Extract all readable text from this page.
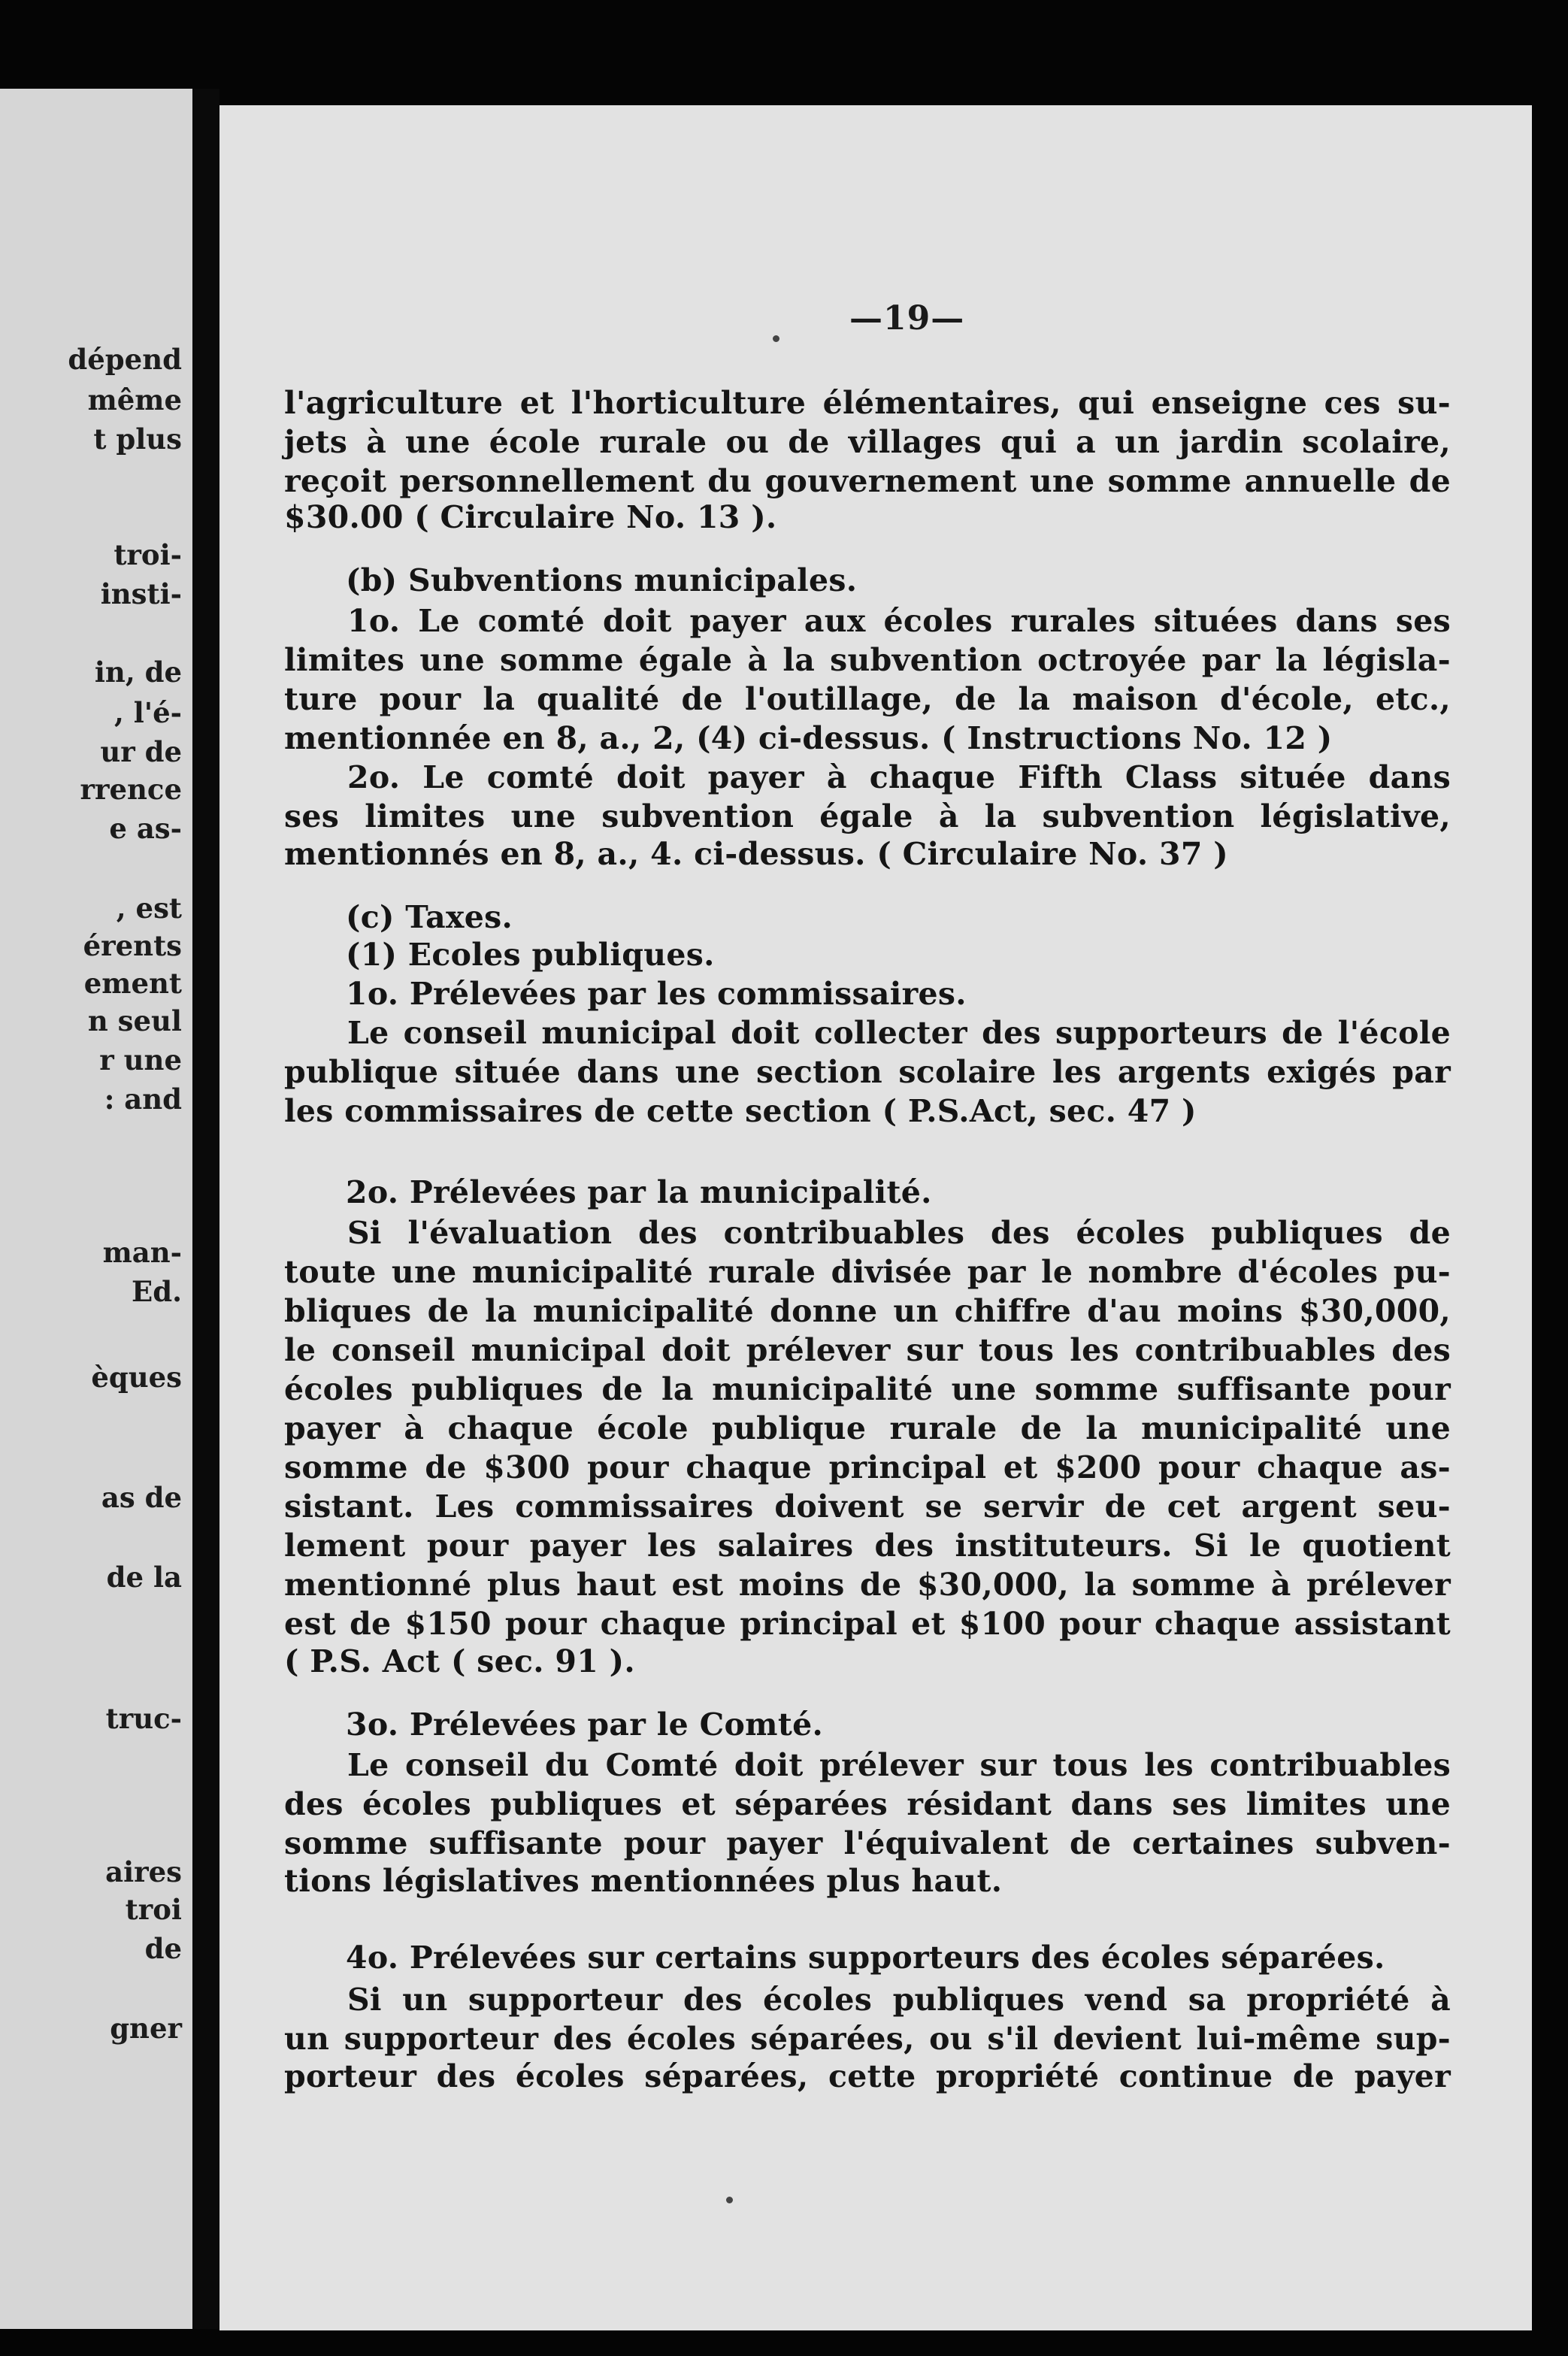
dépend
même
t plus
troi-
insti-
in, de
, l'é-
ur de
rrence
e as-
, est
érents
ement
n seul
r une
: and
man-
Ed.
èques
as de
de la
truc-
aires
troi
de
gner
—19—
l'agriculture et l'horticulture élémentaires, qui enseigne ces su-
jets à une école rurale ou de villages qui a un jardin scolaire,
reçoit personnellement du gouvernement une somme annuelle de
$30.00 ( Circulaire No. 13 ).
(b) Subventions municipales.
1o. Le comté doit payer aux écoles rurales situées dans ses
limites une somme égale à la subvention octroyée par la législa-
ture pour la qualité de l'outillage, de la maison d'école, etc.,
mentionnée en 8, a., 2, (4) ci-dessus. ( Instructions No. 12 )
2o. Le comté doit payer à chaque Fifth Class située dans
ses limites une subvention égale à la subvention législative,
mentionnés en 8, a., 4. ci-dessus. ( Circulaire No. 37 )
(c) Taxes.
(1) Ecoles publiques.
1o. Prélevées par les commissaires.
Le conseil municipal doit collecter des supporteurs de l'école
publique située dans une section scolaire les argents exigés par
les commissaires de cette section ( P.S.Act, sec. 47 )
2o. Prélevées par la municipalité.
Si l'évaluation des contribuables des écoles publiques de
toute une municipalité rurale divisée par le nombre d'écoles pu-
bliques de la municipalité donne un chiffre d'au moins $30,000,
le conseil municipal doit prélever sur tous les contribuables des
écoles publiques de la municipalité une somme suffisante pour
payer à chaque école publique rurale de la municipalité une
somme de $300 pour chaque principal et $200 pour chaque as-
sistant. Les commissaires doivent se servir de cet argent seu-
lement pour payer les salaires des instituteurs. Si le quotient
mentionné plus haut est moins de $30,000, la somme à prélever
est de $150 pour chaque principal et $100 pour chaque assistant
( P.S. Act ( sec. 91 ).
3o. Prélevées par le Comté.
Le conseil du Comté doit prélever sur tous les contribuables
des écoles publiques et séparées résidant dans ses limites une
somme suffisante pour payer l'équivalent de certaines subven-
tions législatives mentionnées plus haut.
4o. Prélevées sur certains supporteurs des écoles séparées.
Si un supporteur des écoles publiques vend sa propriété à
un supporteur des écoles séparées, ou s'il devient lui-même sup-
porteur des écoles séparées, cette propriété continue de payer
